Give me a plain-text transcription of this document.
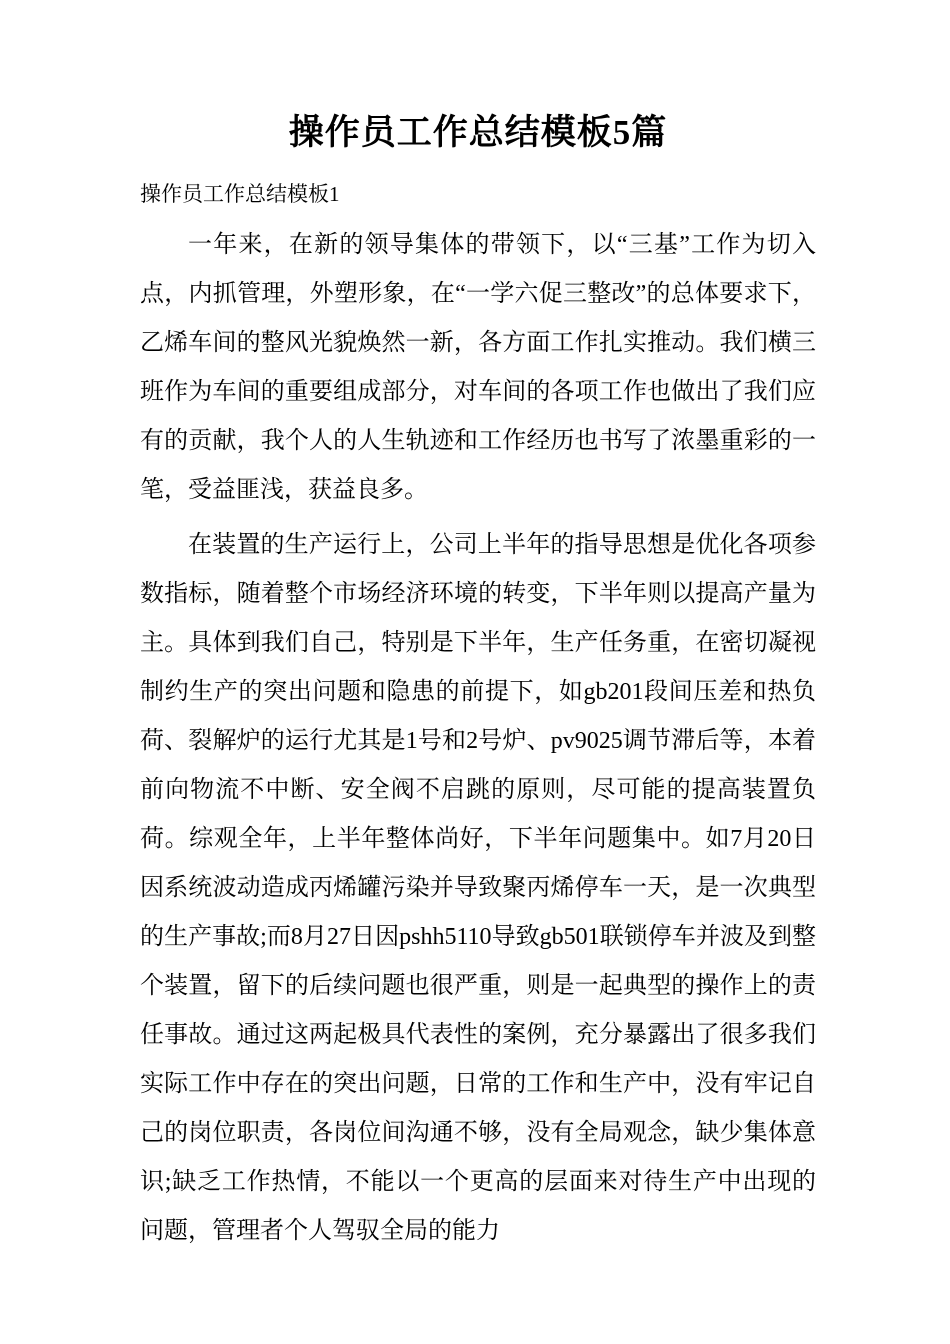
操作员工作总结模板5篇
操作员工作总结模板1

一年来，在新的领导集体的带领下，以“三基”工作为切入点，内抓管理，外塑形象，在“一学六促三整改”的总体要求下，乙烯车间的整风光貌焕然一新，各方面工作扎实推动。我们横三班作为车间的重要组成部分，对车间的各项工作也做出了我们应有的贡献，我个人的人生轨迹和工作经历也书写了浓墨重彩的一笔，受益匪浅，获益良多。

在装置的生产运行上，公司上半年的指导思想是优化各项参数指标，随着整个市场经济环境的转变，下半年则以提高产量为主。具体到我们自己，特别是下半年，生产任务重，在密切凝视制约生产的突出问题和隐患的前提下，如gb201段间压差和热负荷、裂解炉的运行尤其是1号和2号炉、pv9025调节滞后等，本着前向物流不中断、安全阀不启跳的原则，尽可能的提高装置负荷。综观全年，上半年整体尚好，下半年问题集中。如7月20日因系统波动造成丙烯罐污染并导致聚丙烯停车一天，是一次典型的生产事故;而8月27日因pshh5110导致gb501联锁停车并波及到整个装置，留下的后续问题也很严重，则是一起典型的操作上的责任事故。通过这两起极具代表性的案例，充分暴露出了很多我们实际工作中存在的突出问题，日常的工作和生产中，没有牢记自己的岗位职责，各岗位间沟通不够，没有全局观念，缺少集体意识;缺乏工作热情，不能以一个更高的层面来对待生产中出现的问题，管理者个人驾驭全局的能力
